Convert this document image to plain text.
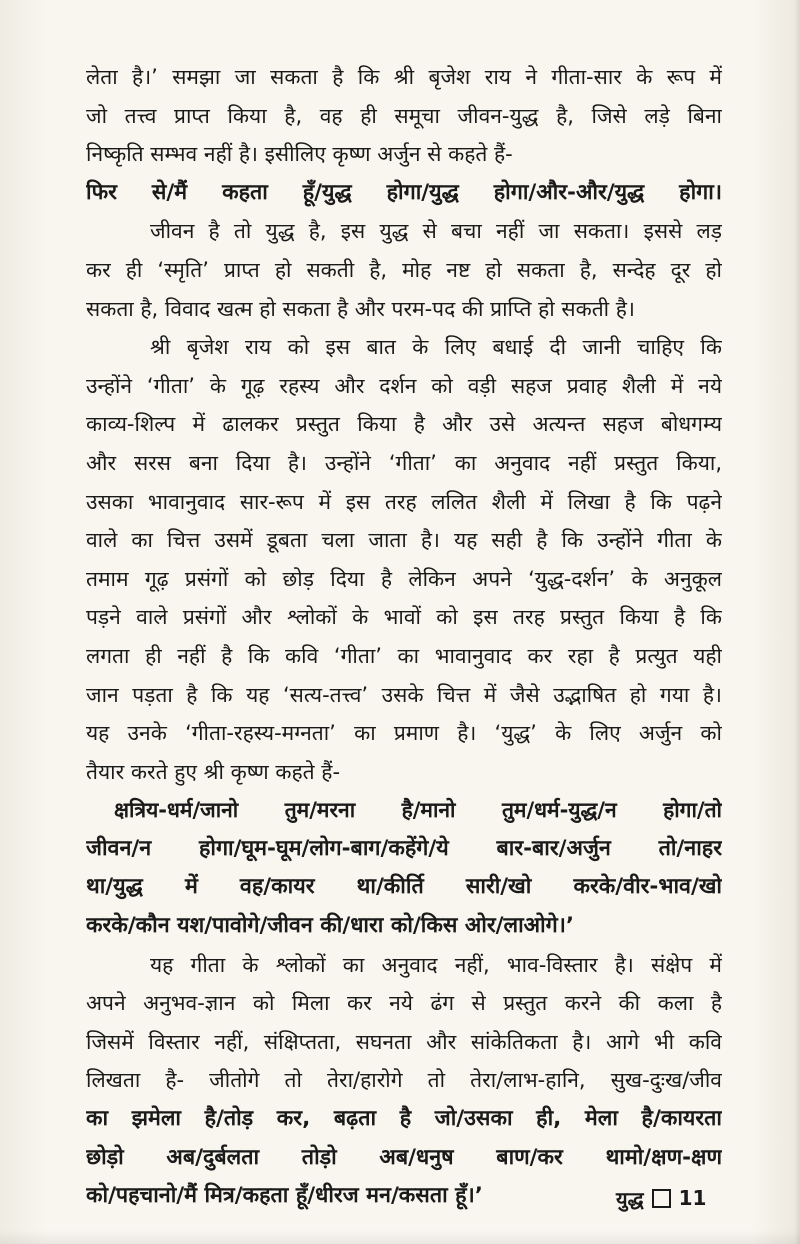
लेता है।’ समझा जा सकता है कि श्री बृजेश राय ने गीता-सार के रूप में
जो तत्त्व प्राप्त किया है, वह ही समूचा जीवन-युद्ध है, जिसे लड़े बिना
निष्कृति सम्भव नहीं है। इसीलिए कृष्ण अर्जुन से कहते हैं-
फिर से/मैं कहता हूँ/युद्ध होगा/युद्ध होगा/और-और/युद्ध होगा।
जीवन है तो युद्ध है, इस युद्ध से बचा नहीं जा सकता। इससे लड़
कर ही ‘स्मृति’ प्राप्त हो सकती है, मोह नष्ट हो सकता है, सन्देह दूर हो
सकता है, विवाद खत्म हो सकता है और परम-पद की प्राप्ति हो सकती है।
श्री बृजेश राय को इस बात के लिए बधाई दी जानी चाहिए कि
उन्होंने ‘गीता’ के गूढ़ रहस्य और दर्शन को वड़ी सहज प्रवाह शैली में नये
काव्य-शिल्प में ढालकर प्रस्तुत किया है और उसे अत्यन्त सहज बोधगम्य
और सरस बना दिया है। उन्होंने ‘गीता’ का अनुवाद नहीं प्रस्तुत किया,
उसका भावानुवाद सार-रूप में इस तरह ललित शैली में लिखा है कि पढ़ने
वाले का चित्त उसमें डूबता चला जाता है। यह सही है कि उन्होंने गीता के
तमाम गूढ़ प्रसंगों को छोड़ दिया है लेकिन अपने ‘युद्ध-दर्शन’ के अनुकूल
पड़ने वाले प्रसंगों और श्लोकों के भावों को इस तरह प्रस्तुत किया है कि
लगता ही नहीं है कि कवि ‘गीता’ का भावानुवाद कर रहा है प्रत्युत यही
जान पड़ता है कि यह ‘सत्य-तत्त्व’ उसके चित्त में जैसे उद्भाषित हो गया है।
यह उनके ‘गीता-रहस्य-मग्नता’ का प्रमाण है। ‘युद्ध’ के लिए अर्जुन को
तैयार करते हुए श्री कृष्ण कहते हैं-
क्षत्रिय-धर्म/जानो तुम/मरना है/मानो तुम/धर्म-युद्ध/न होगा/तो
जीवन/न होगा/घूम-घूम/लोग-बाग/कहेंगे/ये बार-बार/अर्जुन तो/नाहर
था/युद्ध में वह/कायर था/कीर्ति सारी/खो करके/वीर-भाव/खो
करके/कौन यश/पावोगे/जीवन की/धारा को/किस ओर/लाओगे।’
यह गीता के श्लोकों का अनुवाद नहीं, भाव-विस्तार है। संक्षेप में
अपने अनुभव-ज्ञान को मिला कर नये ढंग से प्रस्तुत करने की कला है
जिसमें विस्तार नहीं, संक्षिप्तता, सघनता और सांकेतिकता है। आगे भी कवि
लिखता है- जीतोगे तो तेरा/हारोगे तो तेरा/लाभ-हानि, सुख-दुःख/जीव
का झमेला है/तोड़ कर, बढ़ता है जो/उसका ही, मेला है/कायरता
छोड़ो अब/दुर्बलता तोड़ो अब/धनुष बाण/कर थामो/क्षण-क्षण
को/पहचानो/मैं मित्र/कहता हूँ/धीरज मन/कसता हूँ।’	युद्ध 11
